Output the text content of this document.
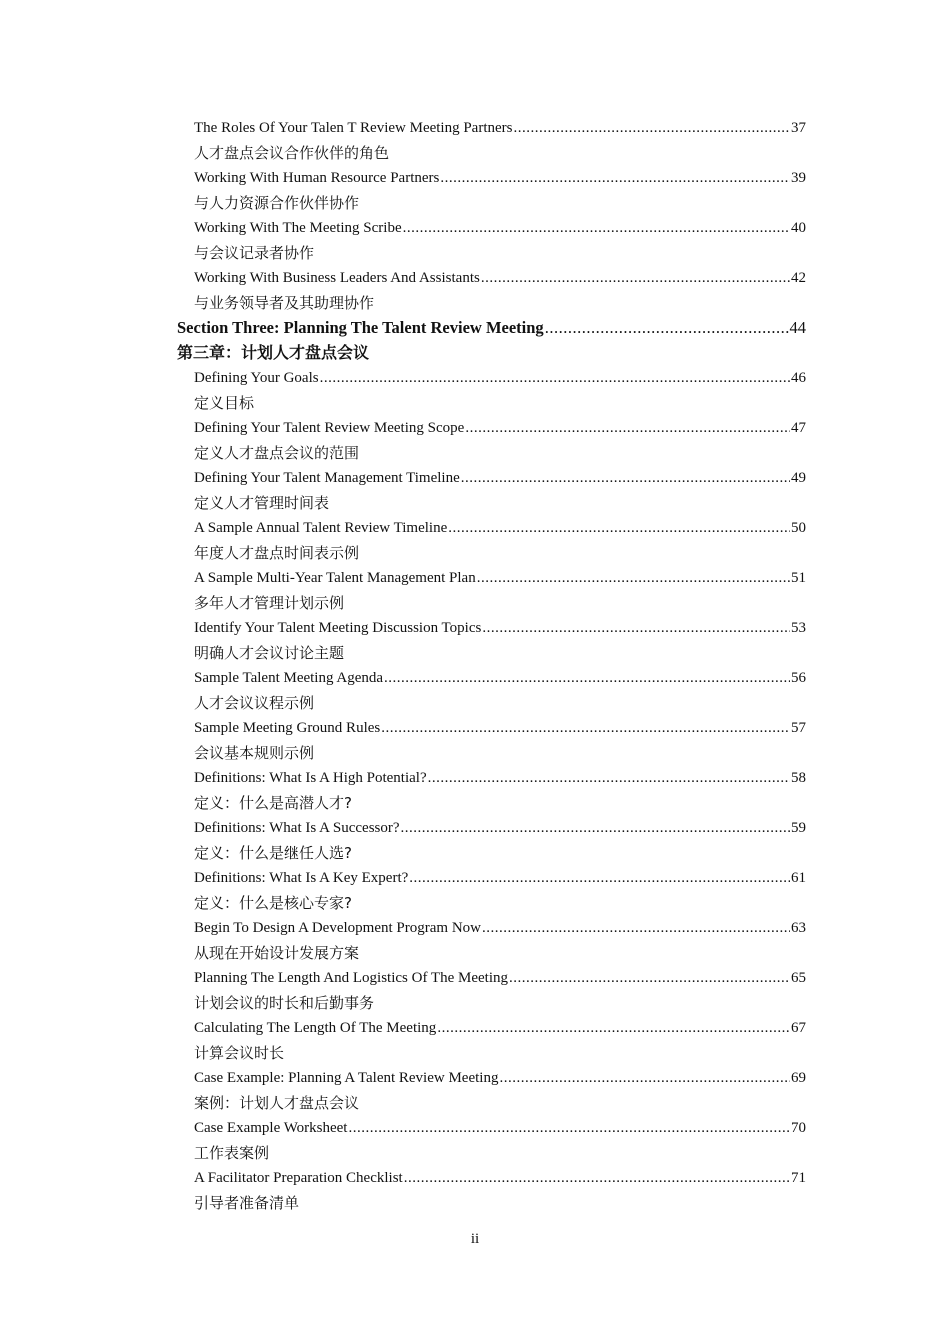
The Roles Of Your Talen T Review Meeting Partners .....	37
人才盘点会议合作伙伴的角色
Working With Human Resource Partners .....	39
与人力资源合作伙伴协作
Working With The Meeting Scribe .....	40
与会议记录者协作
Working With Business Leaders And Assistants .....	42
与业务领导者及其助理协作
Section Three: Planning The Talent Review Meeting .....	44
第三章：计划人才盘点会议
Defining Your Goals .....	46
定义目标
Defining Your Talent Review Meeting Scope .....	47
定义人才盘点会议的范围
Defining Your Talent Management Timeline .....	49
定义人才管理时间表
A Sample Annual Talent Review Timeline .....	50
年度人才盘点时间表示例
A Sample Multi-Year Talent Management Plan .....	51
多年人才管理计划示例
Identify Your Talent Meeting Discussion Topics .....	53
明确人才会议讨论主题
Sample Talent Meeting Agenda .....	56
人才会议议程示例
Sample Meeting Ground Rules .....	57
会议基本规则示例
Definitions: What Is A High Potential? .....	58
定义：什么是高潜人才?
Definitions: What Is A Successor? .....	59
定义：什么是继任人选?
Definitions: What Is A Key Expert? .....	61
定义：什么是核心专家?
Begin To Design A Development Program Now .....	63
从现在开始设计发展方案
Planning The Length And Logistics Of The Meeting .....	65
计划会议的时长和后勤事务
Calculating The Length Of The Meeting .....	67
计算会议时长
Case Example: Planning A Talent Review Meeting .....	69
案例：计划人才盘点会议
Case Example Worksheet .....	70
工作表案例
A Facilitator Preparation Checklist .....	71
引导者准备清单
ii
